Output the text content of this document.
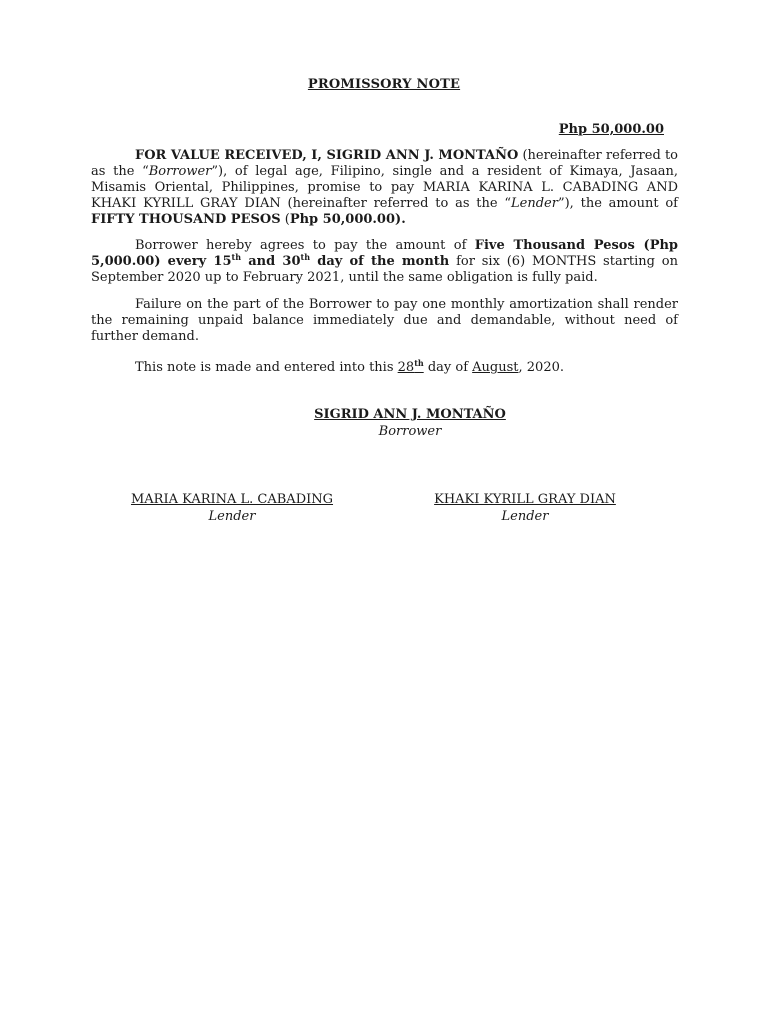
PROMISSORY NOTE
Php 50,000.00

FOR VALUE RECEIVED, I, SIGRID ANN J. MONTAÑO (hereinafter referred to as the “Borrower”), of legal age, Filipino, single and a resident of Kimaya, Jasaan, Misamis Oriental, Philippines, promise to pay MARIA KARINA L. CABADING AND KHAKI KYRILL GRAY DIAN (hereinafter referred to as the “Lender”), the amount of FIFTY THOUSAND PESOS (Php 50,000.00).

Borrower hereby agrees to pay the amount of Five Thousand Pesos (Php 5,000.00) every 15th and 30th day of the month for six (6) MONTHS starting on September 2020 up to February 2021, until the same obligation is fully paid.

Failure on the part of the Borrower to pay one monthly amortization shall render the remaining unpaid balance immediately due and demandable, without need of further demand.

This note is made and entered into this 28th day of August, 2020.

SIGRID ANN J. MONTAÑO
Borrower
MARIA KARINA L. CABADING
Lender
KHAKI KYRILL GRAY DIAN
Lender
